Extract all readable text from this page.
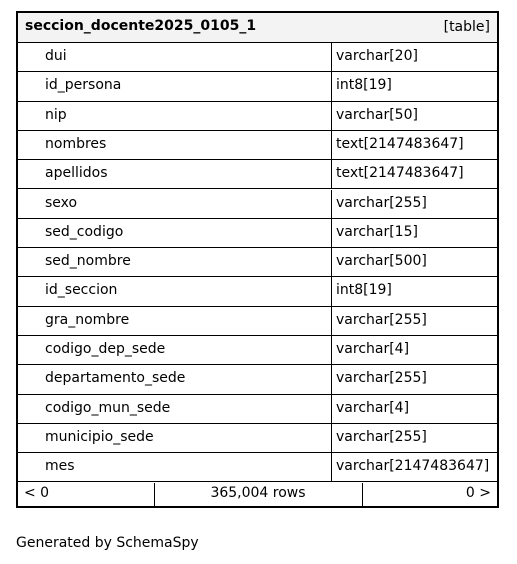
seccion_docente2025_0105_1	[table]
dui	varchar[20]
id_persona	int8[19]
nip	varchar[50]
nombres	text[2147483647]
apellidos	text[2147483647]
sexo	varchar[255]
sed_codigo	varchar[15]
sed_nombre	varchar[500]
id_seccion	int8[19]
gra_nombre	varchar[255]
codigo_dep_sede	varchar[4]
departamento_sede	varchar[255]
codigo_mun_sede	varchar[4]
municipio_sede	varchar[255]
mes	varchar[2147483647]
< 0	365,004 rows	0 >
Generated by SchemaSpy
